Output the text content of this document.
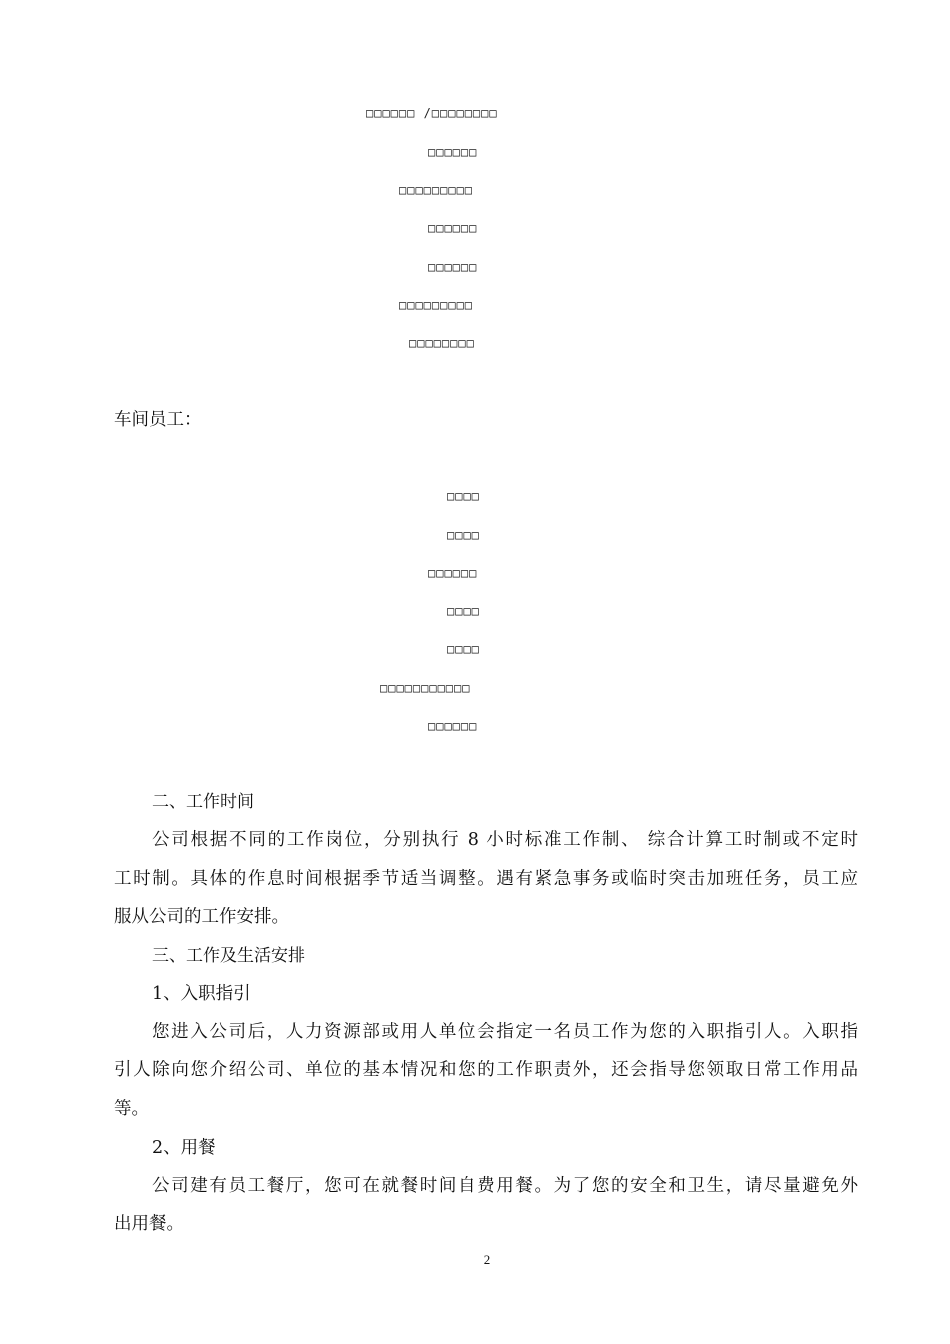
□□□□□□ /□□□□□□□□
□□□□□□
□□□□□□□□□
□□□□□□
□□□□□□
□□□□□□□□□
□□□□□□□□
车间员工：
□□□□
□□□□
□□□□□□
□□□□
□□□□
□□□□□□□□□□□
□□□□□□
二、工作时间
公司根据不同的工作岗位，分别执行 8 小时标准工作制、 综合计算工时制或不定时
工时制。具体的作息时间根据季节适当调整。遇有紧急事务或临时突击加班任务，员工应
服从公司的工作安排。
三、工作及生活安排
1、入职指引
您进入公司后，人力资源部或用人单位会指定一名员工作为您的入职指引人。入职指
引人除向您介绍公司、单位的基本情况和您的工作职责外，还会指导您领取日常工作用品
等。
2、用餐
公司建有员工餐厅，您可在就餐时间自费用餐。为了您的安全和卫生，请尽量避免外
出用餐。
2
